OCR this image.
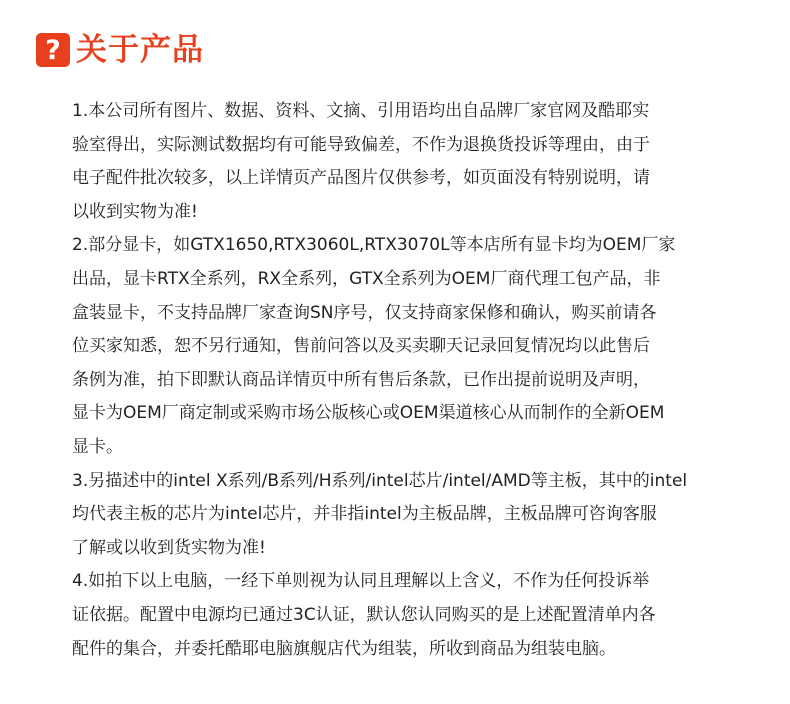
? 关于产品
1.本公司所有图片、数据、资料、文摘、引用语均出自品牌厂家官网及酷耶实
验室得出，实际测试数据均有可能导致偏差，不作为退换货投诉等理由，由于
电子配件批次较多，以上详情页产品图片仅供参考，如页面没有特别说明，请
以收到实物为准!
2.部分显卡，如GTX1650,RTX3060L,RTX3070L等本店所有显卡均为OEM厂家
出品，显卡RTX全系列，RX全系列，GTX全系列为OEM厂商代理工包产品，非
盒装显卡，不支持品牌厂家查询SN序号，仅支持商家保修和确认，购买前请各
位买家知悉，恕不另行通知，售前问答以及买卖聊天记录回复情况均以此售后
条例为准，拍下即默认商品详情页中所有售后条款，已作出提前说明及声明，
显卡为OEM厂商定制或采购市场公版核心或OEM渠道核心从而制作的全新OEM
显卡。
3.另描述中的intel X系列/B系列/H系列/intel芯片/intel/AMD等主板，其中的intel
均代表主板的芯片为intel芯片，并非指intel为主板品牌，主板品牌可咨询客服
了解或以收到货实物为准!
4.如拍下以上电脑，一经下单则视为认同且理解以上含义，不作为任何投诉举
证依据。配置中电源均已通过3C认证，默认您认同购买的是上述配置清单内各
配件的集合，并委托酷耶电脑旗舰店代为组装，所收到商品为组装电脑。
